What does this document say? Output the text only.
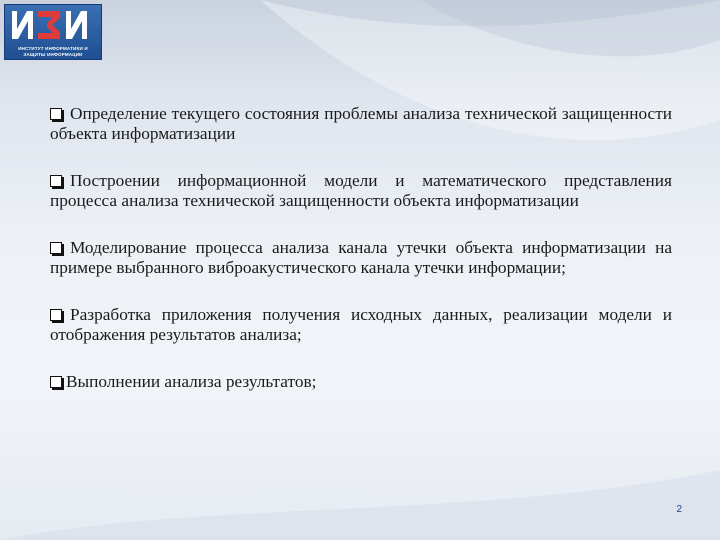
ИНСТИТУТ ИНФОРМАТИКИ И
ЗАЩИТЫ ИНФОРМАЦИИ
Определение текущего состояния проблемы анализа технической защищенности объекта информатизации
Построении информационной модели и математического представления процесса анализа технической защищенности объекта информатизации
Моделирование процесса анализа канала утечки объекта информатизации на примере выбранного виброакустического канала утечки информации;
Разработка приложения получения исходных данных, реализации модели и отображения результатов анализа;
Выполнении анализа результатов;
2
